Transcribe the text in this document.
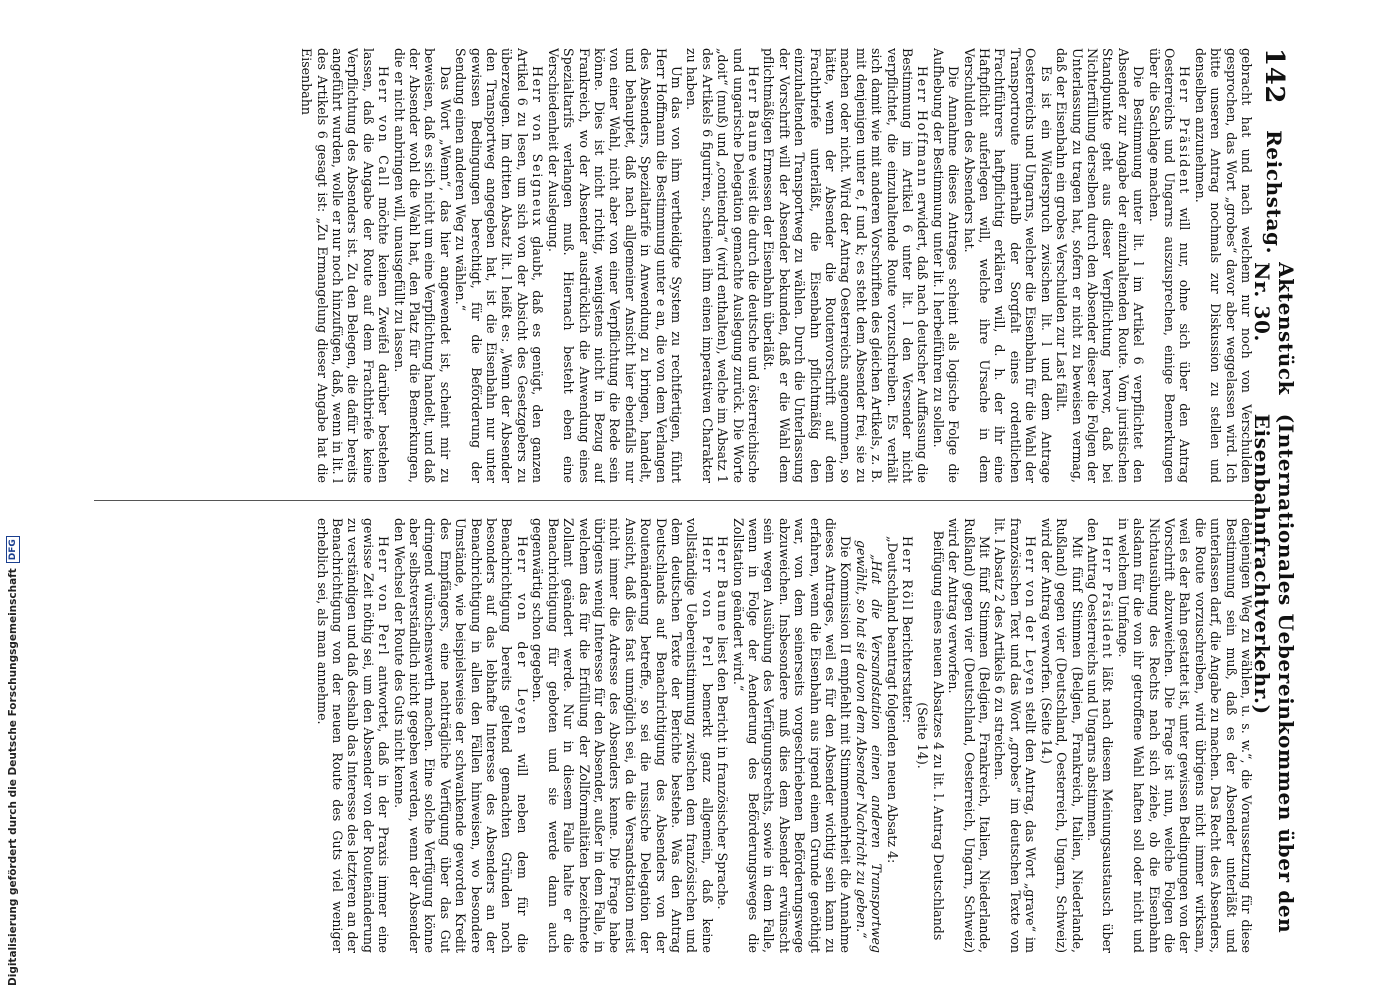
142
Reichstag.
Aktenstück Nr. 30.
(Internationales Uebereinkommen über den Eisenbahnfrachtverkehr.)

gebracht hat und nach welchem nur noch von Verschulden gesprochen, das Wort „grobes“ davor aber weggelassen wird. Ich bitte unseren Antrag nochmals zur Diskussion zu stellen und denselben anzunehmen.

Herr Präsident will nur, ohne sich über den Antrag Oesterreichs und Ungarns auszusprechen, einige Bemerkungen über die Sachlage machen.

Die Bestimmung unter lit. l im Artikel 6 verpflichtet den Absender zur Angabe der einzuhaltenden Route. Vom juristischen Standpunkte geht aus dieser Verpflichtung hervor, daß bei Nichterfüllung derselben durch den Absender dieser die Folgen der Unterlassung zu tragen hat, sofern er nicht zu beweisen vermag, daß der Eisenbahn ein grobes Verschulden zur Last fällt.

Es ist ein Widerspruch zwischen lit. l und dem Antrage Oesterreichs und Ungarns, welcher die Eisenbahn für die Wahl der Transportroute innerhalb der Sorgfalt eines ordentlichen Frachtführers haftpflichtig erklären will, d. h. der ihr eine Haftpflicht auferlegen will, welche ihre Ursache in dem Verschulden des Absenders hat.

Die Annahme dieses Antrages scheint als logische Folge die Aufhebung der Bestimmung unter lit. l herbeiführen zu sollen.

Herr Hoffmann erwidert, daß nach deutscher Auffassung die Bestimmung im Artikel 6 unter lit. l den Versender nicht verpflichtet, die einzuhaltende Route vorzuschreiben. Es verhält sich damit wie mit anderen Vorschriften des gleichen Artikels, z. B. mit denjenigen unter e, f und k; es steht dem Absender frei, sie zu machen oder nicht. Wird der Antrag Oesterreichs angenommen, so hätte, wenn der Absender die Routenvorschrift auf dem Frachtbriefe unterläßt, die Eisenbahn pflichtmäßig den einzuhaltenden Transportweg zu wählen. Durch die Unterlassung der Vorschrift will der Absender bekunden, daß er die Wahl dem pflichtmäßigen Ermessen der Eisenbahn überläßt.

Herr Baume weist die durch die deutsche und österreichische und ungarische Delegation gemachte Auslegung zurück. Die Worte „doit“ (muß) und „contiendra“ (wird enthalten), welche im Absatz 1 des Artikels 6 figuriren, scheinen ihm einen imperativen Charakter zu haben.

Um das von ihm vertheidigte System zu rechtfertigen, führt Herr Hoffmann die Bestimmung unter e an, die von dem Verlangen des Absenders, Spezialtarife in Anwendung zu bringen, handelt, und behauptet, daß nach allgemeiner Ansicht hier ebenfalls nur von einer Wahl, nicht aber von einer Verpflichtung die Rede sein könne. Dies ist nicht richtig, wenigstens nicht in Bezug auf Frankreich, wo der Absender ausdrücklich die Anwendung eines Spezialtarifs verlangen muß. Hiernach besteht eben eine Verschiedenheit der Auslegung.

Herr von Seigneux glaubt, daß es genügt, den ganzen Artikel 6 zu lesen, um sich von der Absicht des Gesetzgebers zu überzeugen. Im dritten Absatz lit. l heißt es: „Wenn der Absender den Transportweg angegeben hat, ist die Eisenbahn nur unter gewissen Bedingungen berechtigt, für die Beförderung der Sendung einen anderen Weg zu wählen.“

Das Wort „Wenn“, das hier angewendet ist, scheint mir zu beweisen, daß es sich nicht um eine Verpflichtung handelt, und daß der Absender wohl die Wahl hat, den Platz für die Bemerkungen, die er nicht anbringen will, unausgefüllt zu lassen.

Herr von Call möchte keinen Zweifel darüber bestehen lassen, daß die Angabe der Route auf dem Frachtbriefe keine Verpflichtung des Absenders ist. Zu den Belegen, die dafür bereits angeführt wurden, wolle er nur noch hinzufügen, daß, wenn in lit. l des Artikels 6 gesagt ist: „Zu Ermangelung dieser Angabe hat die Eisenbahn

denjenigen Weg zu wählen, u. s. w.“, die Voraussetzung für diese Bestimmung sein muß, daß es der Absender unterläßt und unterlassen darf, die Angabe zu machen. Das Recht des Absenders, die Route vorzuschreiben, wird übrigens nicht immer wirksam, weil es der Bahn gestattet ist, unter gewissen Bedingungen von der Vorschrift abzuweichen. Die Frage ist nun, welche Folgen die Nichtausübung des Rechts nach sich ziehe, ob die Eisenbahn alsdann für die von ihr getroffene Wahl haften soll oder nicht und in welchem Umfange.

Herr Präsident läßt nach diesem Meinungsaustausch über den Antrag Oesterreichs und Ungarns abstimmen.

Mit fünf Stimmen (Belgien, Frankreich, Italien, Niederlande, Rußland) gegen vier (Deutschland, Oesterreich, Ungarn, Schweiz) wird der Antrag verworfen. (Seite 14.)

Herr von der Leyen stellt den Antrag, das Wort „grave“ im französischen Text und das Wort „grobes“ im deutschen Texte von lit. l Absatz 2 des Artikels 6 zu streichen.

Mit fünf Stimmen (Belgien, Frankreich, Italien, Niederlande, Rußland) gegen vier (Deutschland, Oesterreich, Ungarn, Schweiz) wird der Antrag verworfen.

Beifügung eines neuen Absatzes 4 zu lit. l. Antrag Deutschlands (Seite 14).

Herr Röll Berichterstatter:

„Deutschland beantragt folgenden neuen Absatz 4:

„Hat die Versandstation einen anderen Transportweg gewählt, so hat sie davon dem Absender Nachricht zu geben.“

Die Kommission II empfiehlt mit Stimmenmehrheit die Annahme dieses Antrages, weil es für den Absender wichtig sein kann zu erfahren, wenn die Eisenbahn aus irgend einem Grunde genöthigt war, von dem seinerseits vorgeschriebenen Beförderungswege abzuweichen. Insbesondere muß dies dem Absender erwünscht sein wegen Ausübung des Verfügungsrechts, sowie in dem Falle, wenn in Folge der Aenderung des Beförderungsweges die Zollstation geändert wird.“

Herr Baume liest den Bericht in französischer Sprache.

Herr von Perl bemerkt ganz allgemein, daß keine vollständige Uebereinstimmung zwischen dem französischen und dem deutschen Texte der Berichte bestehe. Was den Antrag Deutschlands auf Benachrichtigung des Absenders von der Routenänderung betreffe, so sei die russische Delegation der Ansicht, daß dies fast unmöglich sei, da die Versandstation meist nicht immer die Adresse des Absenders kenne. Die Frage habe übrigens wenig Interesse für den Absender, außer in dem Falle, in welchem das für die Erfüllung der Zollformalitäten bezeichnete Zollamt geändert werde. Nur in diesem Falle halte er die Benachrichtigung für geboten und sie werde dann auch gegenwärtig schon gegeben.

Herr von der Leyen will neben dem für die Benachrichtigung bereits geltend gemachten Gründen noch besonders auf das lebhafte Interesse des Absenders an der Benachrichtigung in allen den Fällen hinweisen, wo besondere Umstände, wie beispielsweise der schwankende geworden Kredit des Empfängers, eine nachträgliche Verfügung über das Gut dringend wünschenswerth machen. Eine solche Verfügung könne aber selbstverständlich nicht gegeben werden, wenn der Absender den Wechsel der Route des Guts nicht kenne.

Herr von Perl antwortet, daß in der Praxis immer eine gewisse Zeit nöthig sei, um den Absender von der Routenänderung zu verständigen und daß deshalb das Interesse des letzteren an der Benachrichtigung von der neuen Route des Guts viel weniger erheblich sei, als man annehme.

Digitalisierung gefördert durch die Deutsche Forschungsgemeinschaft
DFG
